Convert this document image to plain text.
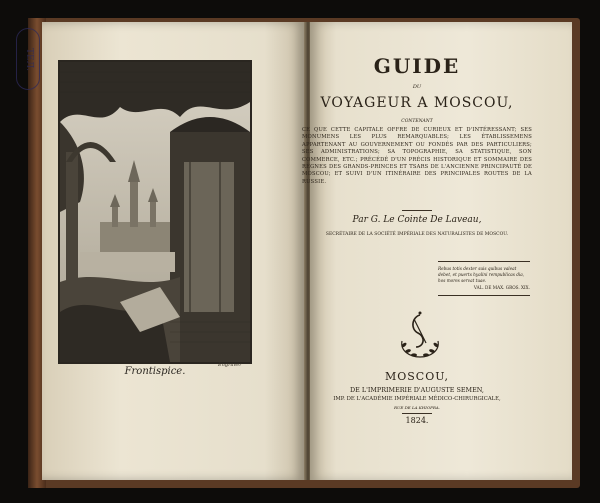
ТЕЛ.
Frontispice.
Engraver
GUIDE
DU
VOYAGEUR A MOSCOU,
CONTENANT
CE QUE CETTE CAPITALE OFFRE DE CURIEUX ET D'INTÉRESSANT; SES MONUMENS LES PLUS REMARQUABLES; LES ÉTABLISSEMENS APPARTENANT AU GOUVERNEMENT OU FONDÉS PAR DES PARTICULIERS; SES ADMINISTRATIONS; SA TOPOGRAPHIE, SA STATISTIQUE, SON COMMERCE, ETC.; PRÉCÉDÉ D'UN PRÉCIS HISTORIQUE ET SOMMAIRE DES RÈGNES DES GRANDS-PRINCES ET TSARS DE L'ANCIENNE PRINCIPAUTÉ DE MOSCOU; ET SUIVI D'UN ITINÉRAIRE DES PRINCIPALES ROUTES DE LA RUSSIE.
Par G. Le Cointe De Laveau,
SECRÉTAIRE DE LA SOCIÉTÉ IMPÉRIALE DES NATURALISTES DE MOSCOU.
Rebus totis dexter suis quibus valeat debet, et puerts hyalini rempublicas dia, hos mores servat tuae.
VAL. DE MAX. GROS. XIX.
MOSCOU,
DE L'IMPRIMERIE D'AUGUSTE SEMEN,
IMP. DE L'ACADÉMIE IMPÉRIALE MÉDICO-CHIRURGICALE,
RUE DE LA KHIOPRA.
1824.
